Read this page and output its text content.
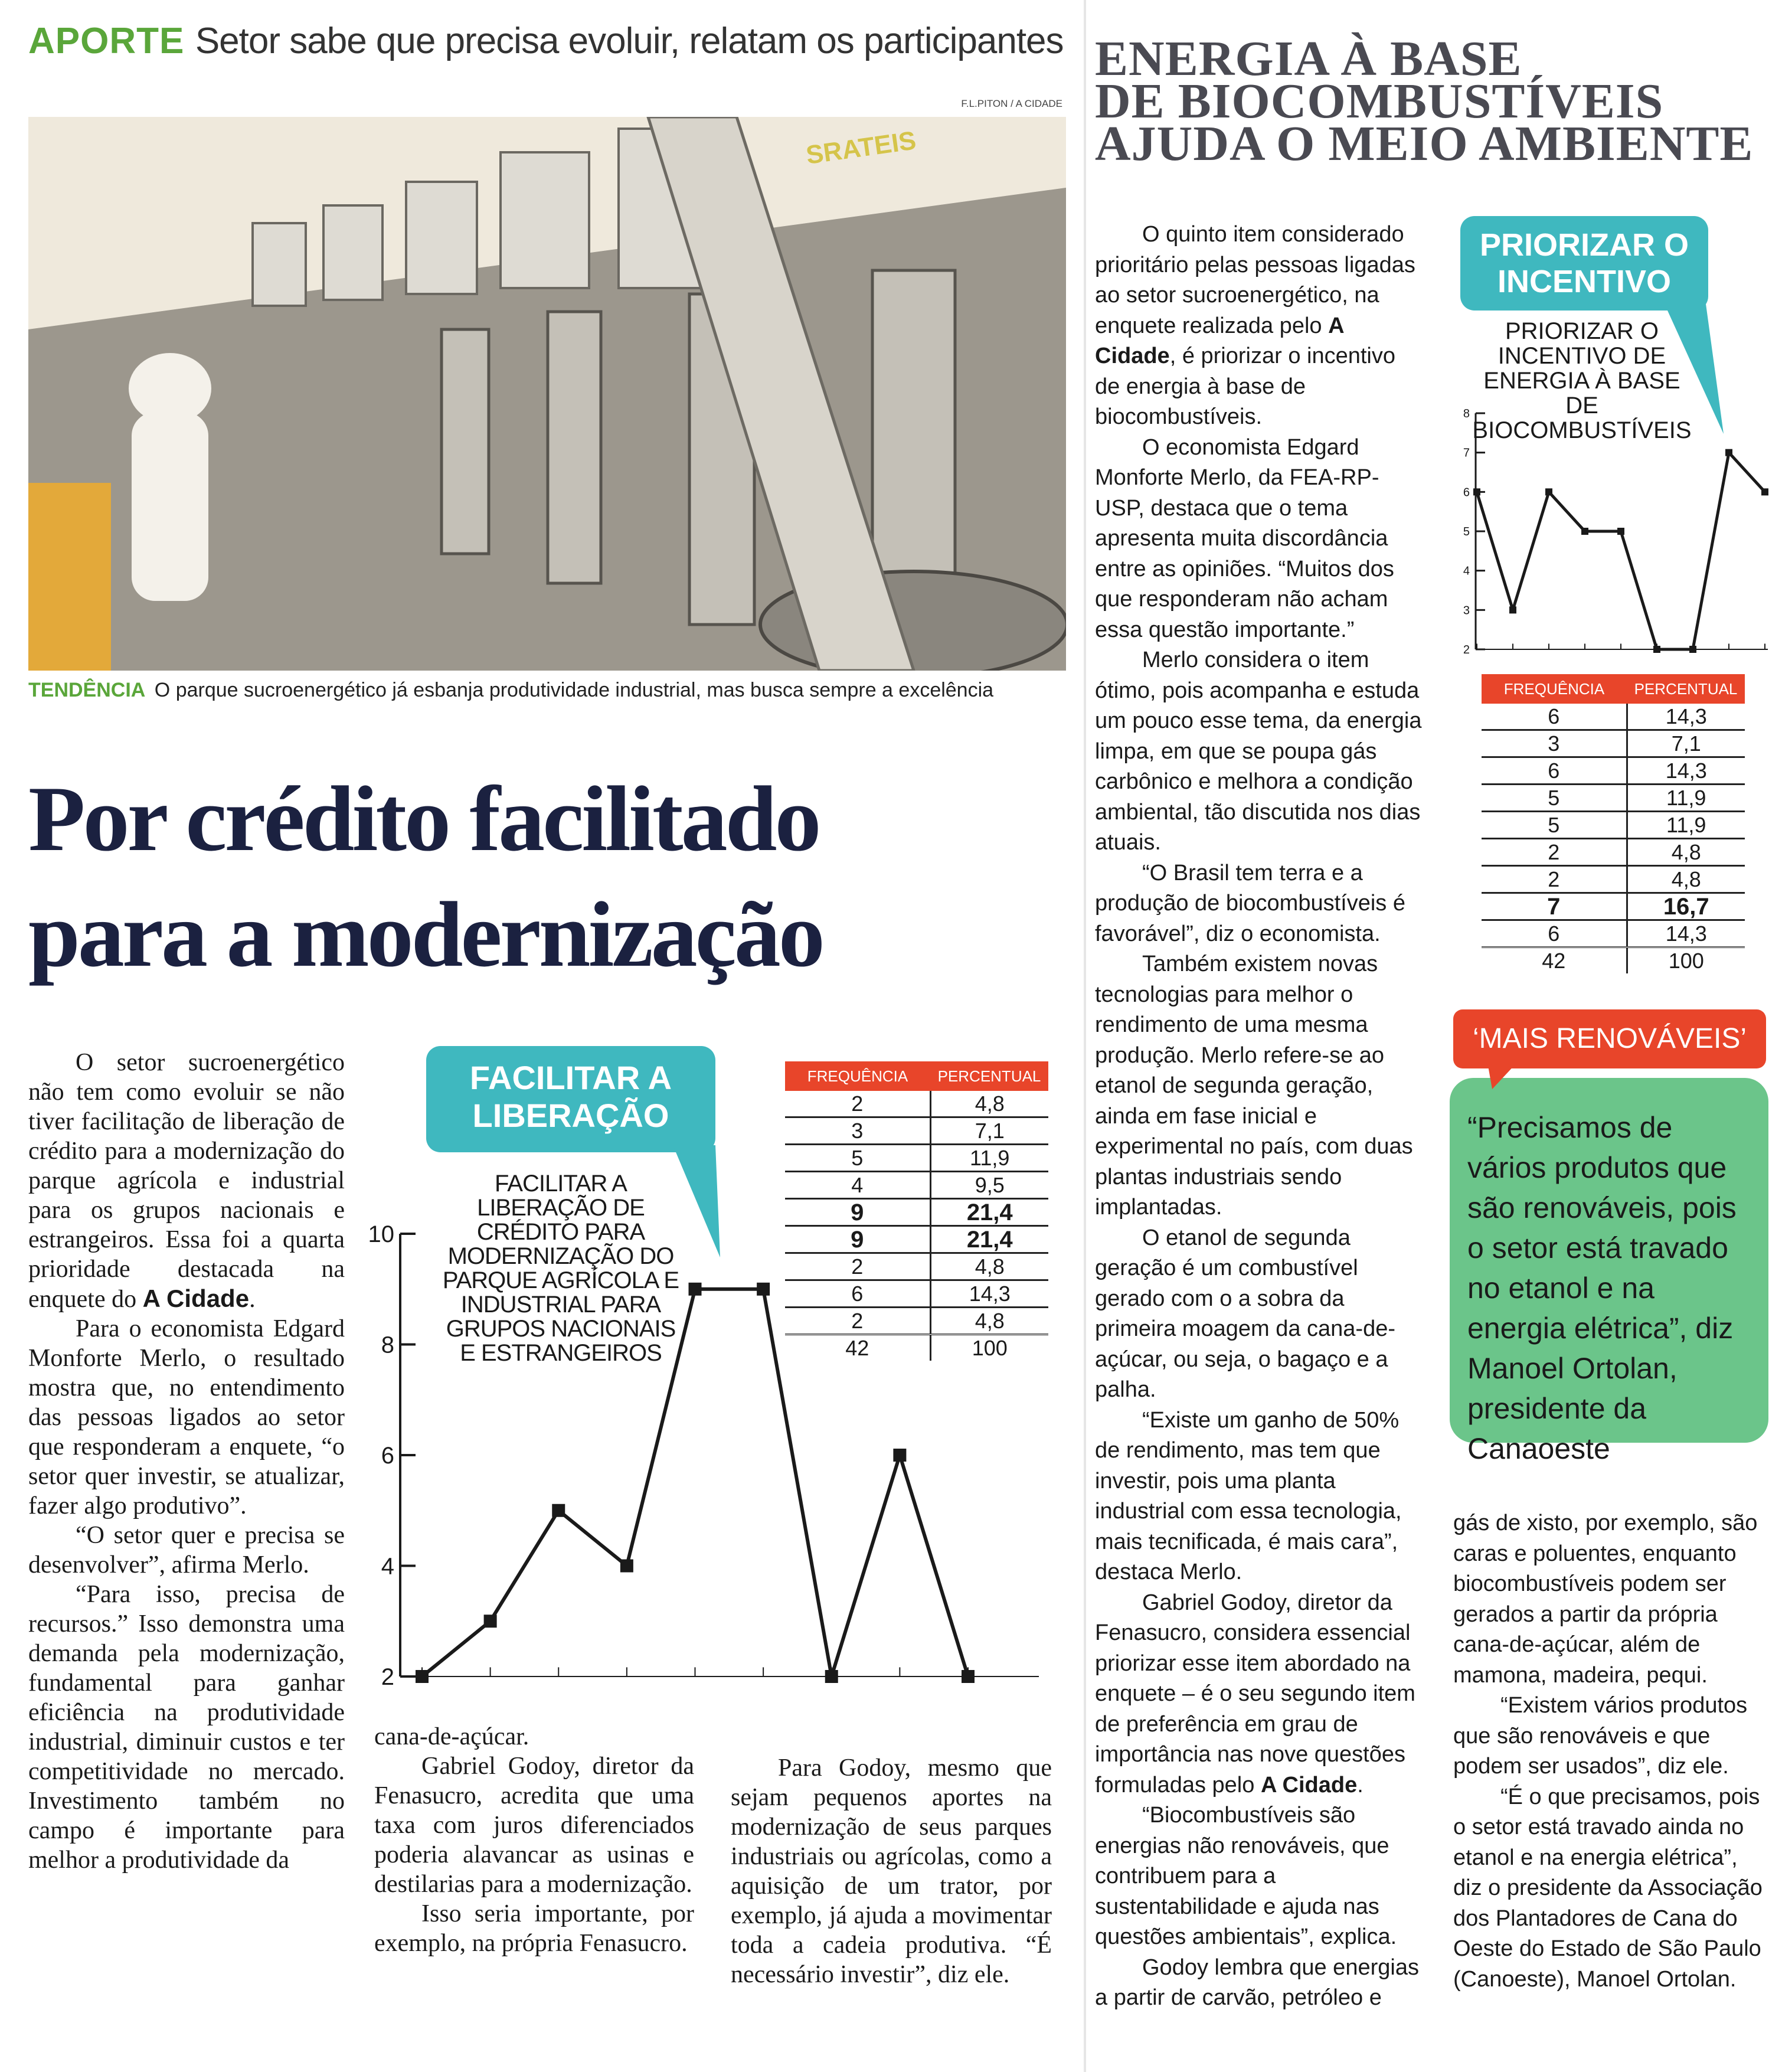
APORTE Setor sabe que precisa evoluir, relatam os participantes
F.L.PITON / A CIDADE
SRATEIS
TENDÊNCIA O parque sucroenergético já esbanja produtividade industrial, mas busca sempre a excelência
Por crédito facilitado
para a modernização

O setor sucroenergético não tem como evoluir se não tiver facilitação de liberação de crédito para a modernização do parque agrícola e industrial para os grupos nacionais e estrangeiros. Essa foi a quarta prioridade destacada na enquete do A Cidade.

Para o economista Edgard Monforte Merlo, o resultado mostra que, no entendimento das pessoas ligados ao setor que responderam a enquete, “o setor quer investir, se atualizar, fazer algo produtivo”.

“O setor quer e precisa se desenvolver”, afirma Merlo.

“Para isso, precisa de recursos.” Isso demonstra uma demanda pela modernização, fundamental para ganhar eficiência na produtividade industrial, diminuir custos e ter competitividade no mercado. Investimento também no campo é importante para melhor a produtividade da

FACILITAR A LIBERAÇÃO
FACILITAR A LIBERAÇÃO DE CRÉDITO PARA MODERNIZAÇÃO DO PARQUE AGRÍCOLA E INDUSTRIAL PARA GRUPOS NACIONAIS E ESTRANGEIROS
2
4
6
8
10
FREQUÊNCIA	PERCENTUAL
2	4,8
3	7,1
5	11,9
4	9,5
9	21,4
9	21,4
2	4,8
6	14,3
2	4,8
42	100

cana-de-açúcar.

Gabriel Godoy, diretor da Fenasucro, acredita que uma taxa com juros diferenciados poderia alavancar as usinas e destilarias para a modernização.

Isso seria importante, por exemplo, na própria Fenasucro.

Para Godoy, mesmo que sejam pequenos aportes na modernização de seus parques industriais ou agrícolas, como a aquisição de um trator, por exemplo, já ajuda a movimentar toda a cadeia produtiva. “É necessário investir”, diz ele.

ENERGIA À BASE
DE BIOCOMBUSTÍVEIS
AJUDA O MEIO AMBIENTE

O quinto item considerado prioritário pelas pessoas ligadas ao setor sucroenergético, na enquete realizada pelo A Cidade, é priorizar o incentivo de energia à base de biocombustíveis.

O economista Edgard Monforte Merlo, da FEA-RP-USP, destaca que o tema apresenta muita discordância entre as opiniões. “Muitos dos que responderam não acham essa questão importante.”

Merlo considera o item ótimo, pois acompanha e estuda um pouco esse tema, da energia limpa, em que se poupa gás carbônico e melhora a condição ambiental, tão discutida nos dias atuais.

“O Brasil tem terra e a produção de biocombustíveis é favorável”, diz o economista.

Também existem novas tecnologias para melhor o rendimento de uma mesma produção. Merlo refere-se ao etanol de segunda geração, ainda em fase inicial e experimental no país, com duas plantas industriais sendo implantadas.

O etanol de segunda geração é um combustível gerado com o a sobra da primeira moagem da cana-de-açúcar, ou seja, o bagaço e a palha.

“Existe um ganho de 50% de rendimento, mas tem que investir, pois uma planta industrial com essa tecnologia, mais tecnificada, é mais cara”, destaca Merlo.

Gabriel Godoy, diretor da Fenasucro, considera essencial priorizar esse item abordado na enquete – é o seu segundo item de preferência em grau de importância nas nove questões formuladas pelo A Cidade.

“Biocombustíveis são energias não renováveis, que contribuem para a sustentabilidade e ajuda nas questões ambientais”, explica.

Godoy lembra que energias a partir de carvão, petróleo e

PRIORIZAR O INCENTIVO
PRIORIZAR O INCENTIVO DE ENERGIA À BASE DE BIOCOMBUSTÍVEIS
2
3
4
5
6
7
8
FREQUÊNCIA	PERCENTUAL
6	14,3
3	7,1
6	14,3
5	11,9
5	11,9
2	4,8
2	4,8
7	16,7
6	14,3
42	100
“Precisamos de vários produtos que são renováveis, pois o setor está travado no etanol e na energia elétrica”, diz Manoel Ortolan, presidente da Canaoeste
‘MAIS RENOVÁVEIS’

gás de xisto, por exemplo, são caras e poluentes, enquanto biocombustíveis podem ser gerados a partir da própria cana-de-açúcar, além de mamona, madeira, pequi.

“Existem vários produtos que são renováveis e que podem ser usados”, diz ele.

“É o que precisamos, pois o setor está travado ainda no etanol e na energia elétrica”, diz o presidente da Associação dos Plantadores de Cana do Oeste do Estado de São Paulo (Canoeste), Manoel Ortolan.
